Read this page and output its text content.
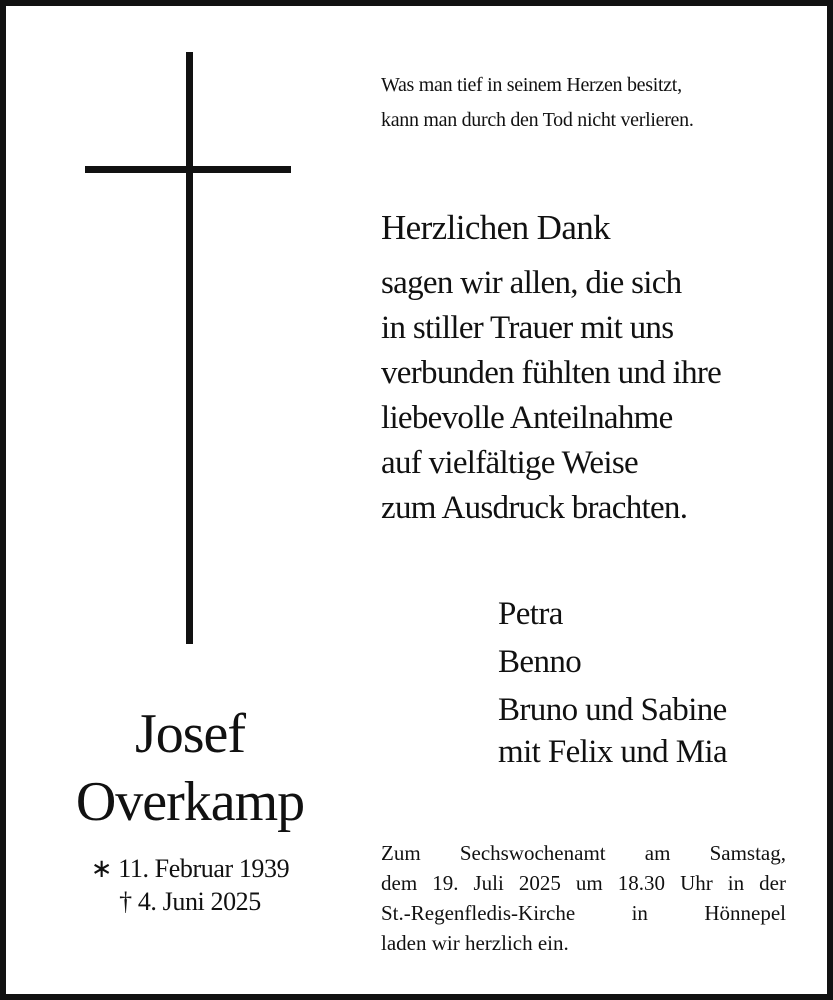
Was man tief in seinem Herzen besitzt,
kann man durch den Tod nicht verlieren.
Herzlichen Dank
sagen wir allen, die sich
in stiller Trauer mit uns
verbunden fühlten und ihre
liebevolle Anteilnahme
auf vielfältige Weise
zum Ausdruck brachten.
Petra
Benno
Bruno und Sabine
mit Felix und Mia
Josef
Overkamp
∗ 11. Februar 1939
† 4. Juni 2025
Zum Sechswochenamt am Samstag,
dem 19. Juli 2025 um 18.30 Uhr in der
St.-Regenfledis-Kirche in Hönnepel
laden wir herzlich ein.
